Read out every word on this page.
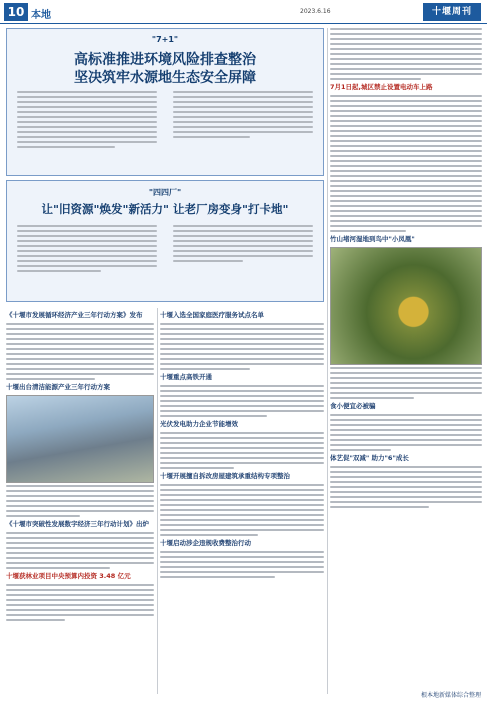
10 本地	2023.6.16	十堰周刊
"7+1"
高标准推进环境风险排查整治
坚决筑牢水源地生态安全屏障
"四四厂"
让"旧资源"焕发"新活力" 让老厂房变身"打卡地"
《十堰市发展循环经济产业三年行动方案》发布
十堰出台清洁能源产业三年行动方案
《十堰市突破性发展数字经济三年行动计划》出炉
十堰获林业项目中央预算内投资 3.48 亿元
十堰入选全国家庭医疗服务试点名单
十堰重点高铁开通
光伏发电助力企业节能增效
十堰开展擅自拆改房屋建筑承重结构专项整治
十堰启动涉企违规收费整治行动
7月1日起,城区禁止设置电动车上路
竹山堵河湿地到鸟中"小凤凰"
食小便宜必被骗
体艺促"双减" 助力"6"成长
根本地新媒体综合整理
